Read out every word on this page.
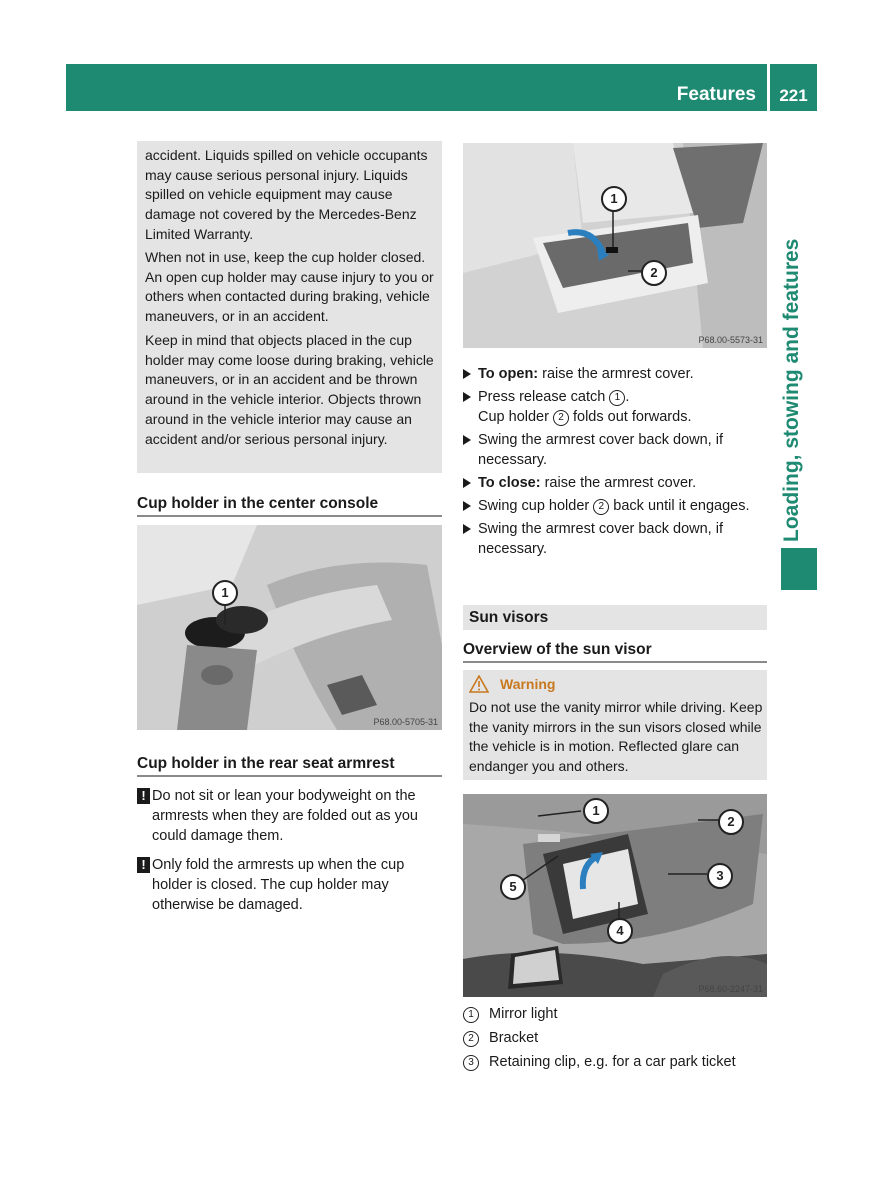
Features	221
Loading, stowing and features
accident. Liquids spilled on vehicle occupants may cause serious personal injury. Liquids spilled on vehicle equipment may cause damage not covered by the Mercedes-Benz Limited Warranty.
When not in use, keep the cup holder closed. An open cup holder may cause injury to you or others when contacted during braking, vehicle maneuvers, or in an accident.
Keep in mind that objects placed in the cup holder may come loose during braking, vehicle maneuvers, or in an accident and be thrown around in the vehicle interior. Objects thrown around in the vehicle interior may cause an accident and/or serious personal injury.
Cup holder in the center console
1
P68.00-5705-31
Cup holder in the rear seat armrest
! Do not sit or lean your bodyweight on the armrests when they are folded out as you could damage them.
! Only fold the armrests up when the cup holder is closed. The cup holder may otherwise be damaged.
1
2
P68.00-5573-31
To open: raise the armrest cover.
Press release catch 1 .
Cup holder 2 folds out forwards.
Swing the armrest cover back down, if necessary.
To close: raise the armrest cover.
Swing cup holder 2 back until it engages.
Swing the armrest cover back down, if necessary.
Sun visors
Overview of the sun visor
Warning
Do not use the vanity mirror while driving. Keep the vanity mirrors in the sun visors closed while the vehicle is in motion. Reflected glare can endanger you and others.
1
2
3
4
5
P68.60-2247-31
1 Mirror light
2 Bracket
3 Retaining clip, e.g. for a car park ticket
